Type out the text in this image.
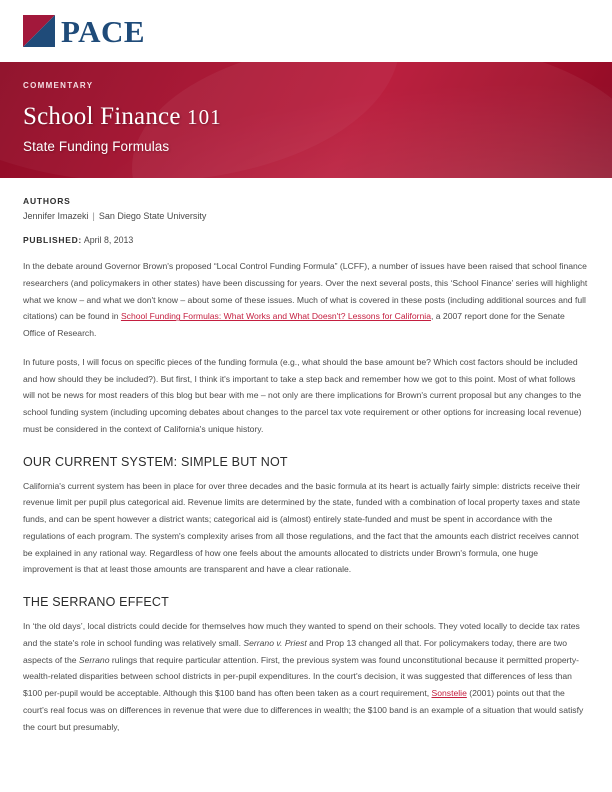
PACE
COMMENTARY
School Finance 101
State Funding Formulas
AUTHORS
Jennifer Imazeki | San Diego State University
PUBLISHED: April 8, 2013

In the debate around Governor Brown's proposed “Local Control Funding Formula” (LCFF), a number of issues have been raised that school finance researchers (and policymakers in other states) have been discussing for years. Over the next several posts, this ‘School Finance’ series will highlight what we know – and what we don't know – about some of these issues. Much of what is covered in these posts (including additional sources and full citations) can be found in School Funding Formulas: What Works and What Doesn't? Lessons for California, a 2007 report done for the Senate Office of Research.

In future posts, I will focus on specific pieces of the funding formula (e.g., what should the base amount be? Which cost factors should be included and how should they be included?). But first, I think it's important to take a step back and remember how we got to this point. Most of what follows will not be news for most readers of this blog but bear with me – not only are there implications for Brown's current proposal but any changes to the school funding system (including upcoming debates about changes to the parcel tax vote requirement or other options for increasing local revenue) must be considered in the context of California's unique history.

OUR CURRENT SYSTEM: SIMPLE BUT NOT

California's current system has been in place for over three decades and the basic formula at its heart is actually fairly simple: districts receive their revenue limit per pupil plus categorical aid. Revenue limits are determined by the state, funded with a combination of local property taxes and state funds, and can be spent however a district wants; categorical aid is (almost) entirely state-funded and must be spent in accordance with the regulations of each program. The system's complexity arises from all those regulations, and the fact that the amounts each district receives cannot be explained in any rational way. Regardless of how one feels about the amounts allocated to districts under Brown's formula, one huge improvement is that at least those amounts are transparent and have a clear rationale.

THE SERRANO EFFECT

In ‘the old days’, local districts could decide for themselves how much they wanted to spend on their schools. They voted locally to decide tax rates and the state's role in school funding was relatively small. Serrano v. Priest and Prop 13 changed all that. For policymakers today, there are two aspects of the Serrano rulings that require particular attention. First, the previous system was found unconstitutional because it permitted property-wealth-related disparities between school districts in per-pupil expenditures. In the court's decision, it was suggested that differences of less than $100 per-pupil would be acceptable. Although this $100 band has often been taken as a court requirement, Sonstelie (2001) points out that the court's real focus was on differences in revenue that were due to differences in wealth; the $100 band is an example of a situation that would satisfy the court but presumably,
